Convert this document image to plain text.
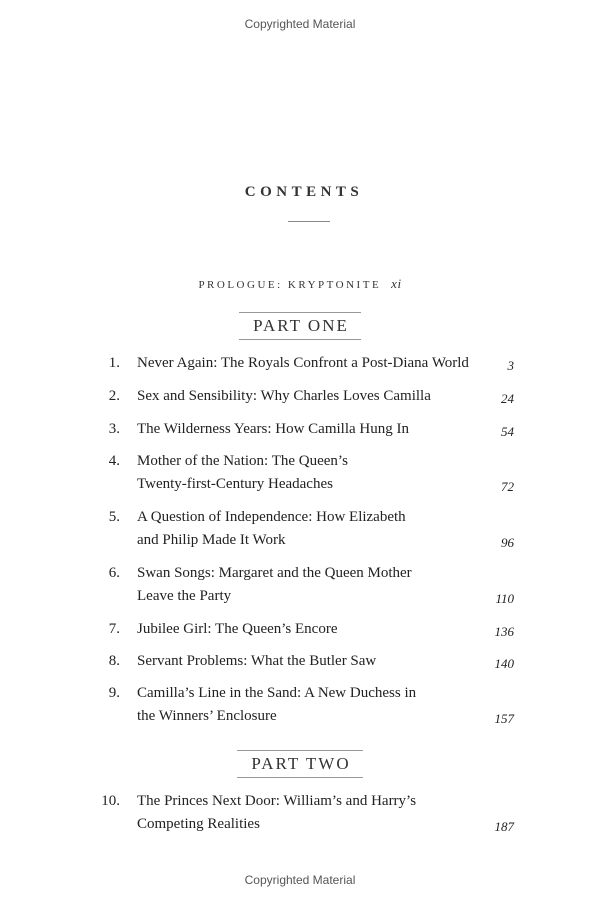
Copyrighted Material
CONTENTS
PROLOGUE: KRYPTONITE xi
PART ONE
1. Never Again: The Royals Confront a Post-Diana World	3
2. Sex and Sensibility: Why Charles Loves Camilla	24
3. The Wilderness Years: How Camilla Hung In	54
4. Mother of the Nation: The Queen’s
Twenty-first-Century Headaches	72
5. A Question of Independence: How Elizabeth
and Philip Made It Work	96
6. Swan Songs: Margaret and the Queen Mother
Leave the Party	110
7. Jubilee Girl: The Queen’s Encore	136
8. Servant Problems: What the Butler Saw	140
9. Camilla’s Line in the Sand: A New Duchess in
the Winners’ Enclosure	157
PART TWO
10. The Princes Next Door: William’s and Harry’s
Competing Realities	187
Copyrighted Material
